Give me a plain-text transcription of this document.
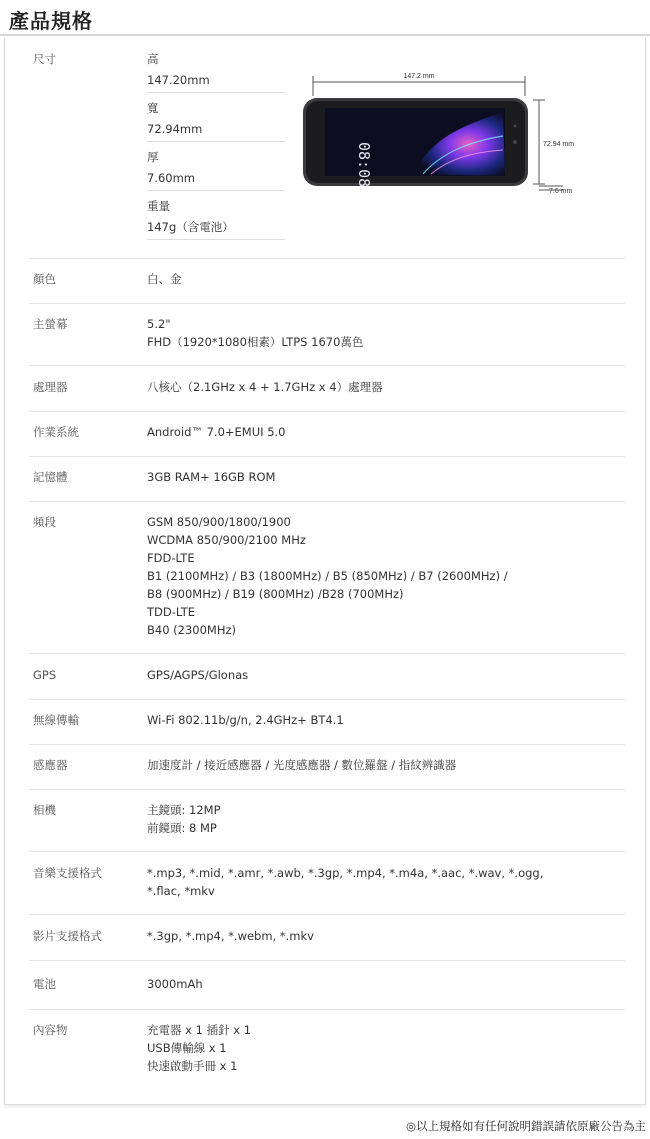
產品規格
尺寸	高
147.20mm
寬
72.94mm
厚
7.60mm
重量
147g（含電池）
147.2 mm
08:08	72.94 mm
7.6 mm
顏色	白、金
主螢幕	5.2"
FHD（1920*1080相素）LTPS 1670萬色
處理器	八核心（2.1GHz x 4 + 1.7GHz x 4）處理器
作業系統	Android™ 7.0+EMUI 5.0
記憶體	3GB RAM+ 16GB ROM
頻段	GSM 850/900/1800/1900
WCDMA 850/900/2100 MHz
FDD-LTE
B1 (2100MHz) / B3 (1800MHz) / B5 (850MHz) / B7 (2600MHz) /
B8 (900MHz) / B19 (800MHz) /B28 (700MHz)
TDD-LTE
B40 (2300MHz)
GPS	GPS/AGPS/Glonas
無線傳輸	Wi-Fi 802.11b/g/n, 2.4GHz+ BT4.1
感應器	加速度計 / 接近感應器 / 光度感應器 / 數位羅盤 / 指紋辨識器
相機	主鏡頭: 12MP
前鏡頭: 8 MP
音樂支援格式	*.mp3, *.mid, *.amr, *.awb, *.3gp, *.mp4, *.m4a, *.aac, *.wav, *.ogg,
*.flac, *mkv
影片支援格式	*.3gp, *.mp4, *.webm, *.mkv
電池	3000mAh
內容物	充電器 x 1 插針 x 1
USB傳輸線 x 1
快速啟動手冊 x 1
◎以上規格如有任何說明錯誤請依原廠公告為主
